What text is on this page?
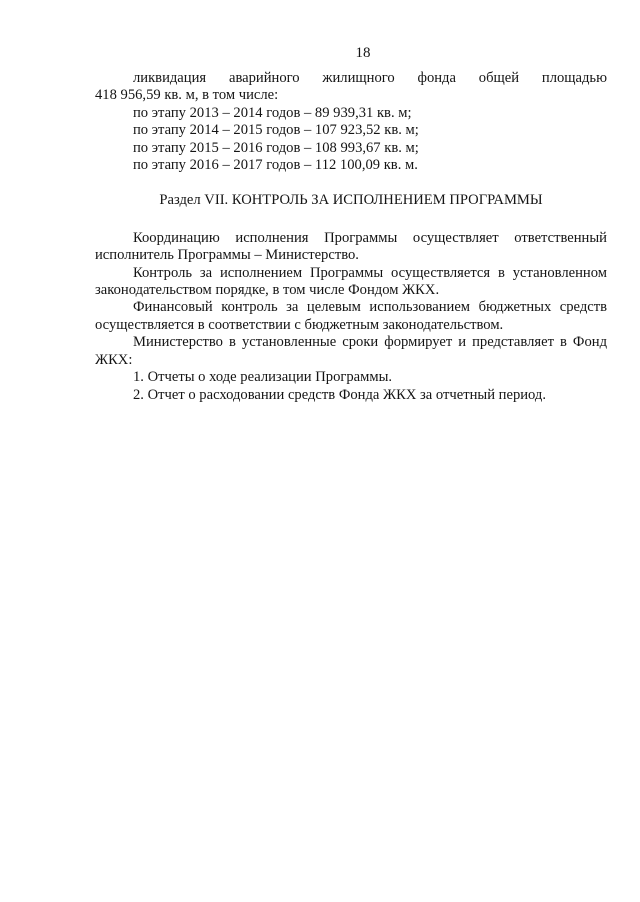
18
ликвидация аварийного жилищного фонда общей площадью
418 956,59 кв. м, в том числе:
по этапу 2013 – 2014 годов – 89 939,31 кв. м;
по этапу 2014 – 2015 годов – 107 923,52 кв. м;
по этапу 2015 – 2016 годов – 108 993,67 кв. м;
по этапу 2016 – 2017 годов – 112 100,09 кв. м.
Раздел VII. КОНТРОЛЬ ЗА ИСПОЛНЕНИЕМ ПРОГРАММЫ

Координацию исполнения Программы осуществляет ответственный исполнитель Программы – Министерство.

Контроль за исполнением Программы осуществляется в установленном законодательством порядке, в том числе Фондом ЖКХ.

Финансовый контроль за целевым использованием бюджетных средств осуществляется в соответствии с бюджетным законодательством.

Министерство в установленные сроки формирует и представляет в Фонд ЖКХ:

1. Отчеты о ходе реализации Программы.
2. Отчет о расходовании средств Фонда ЖКХ за отчетный период.
